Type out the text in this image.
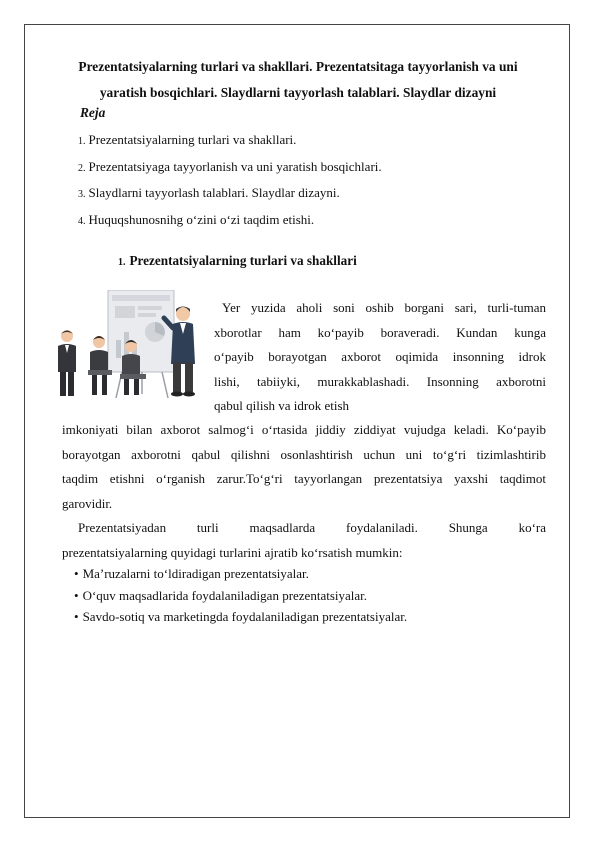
Prezentatsiyalarning turlari va shakllari. Prezentatsitaga tayyorlanish va uni
yaratish bosqichlari. Slaydlarni tayyorlash talablari. Slaydlar dizayni
Reja
1. Prezentatsiyalarning turlari va shakllari.
2. Prezentatsiyaga tayyorlanish va uni yaratish bosqichlari.
3. Slaydlarni tayyorlash talablari. Slaydlar dizayni.
4. Huquqshunosnihg o‘zini o‘zi taqdim etishi.
1. Prezentatsiyalarning turlari va shakllari
Yer yuzida aholi soni oshib borgani sari, turli-tuman
xborotlar ham ko‘payib boraveradi. Kundan kunga
o‘payib borayotgan axborot oqimida insonning idrok
lishi, tabiiyki, murakkablashadi. Insonning axborotni
qabul qilish va idrok etish
imkoniyati bilan axborot salmog‘i o‘rtasida jiddiy ziddiyat vujudga keladi. Ko‘payib
borayotgan axborotni qabul qilishni osonlashtirish uchun uni to‘g‘ri tizimlashtirib
taqdim etishni o‘rganish zarur.To‘g‘ri tayyorlangan prezentatsiya yaxshi taqdimot
garovidir.
Prezentatsiyadan turli maqsadlarda foydalaniladi. Shunga ko‘ra
prezentatsiyalarning quyidagi turlarini ajratib ko‘rsatish mumkin:
• Ma’ruzalarni to‘ldiradigan prezentatsiyalar.
• O‘quv maqsadlarida foydalaniladigan prezentatsiyalar.
• Savdo-sotiq va marketingda foydalaniladigan prezentatsiyalar.
